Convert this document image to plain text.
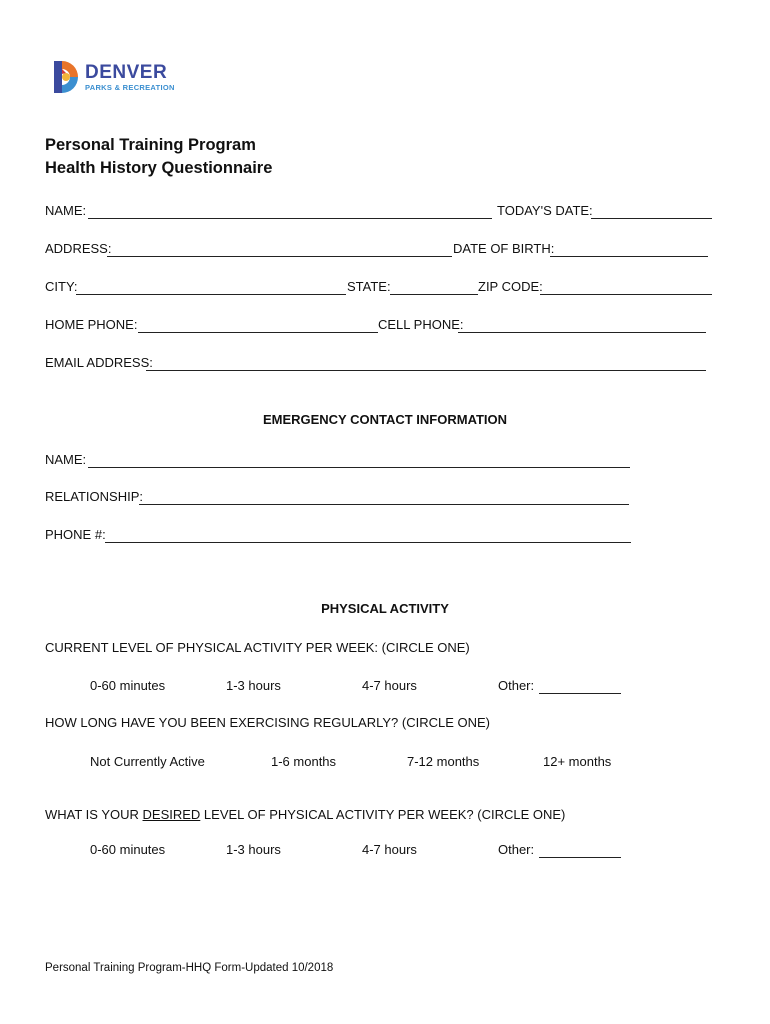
DENVER
PARKS & RECREATION
Personal Training Program
Health History Questionnaire
NAME:	TODAY'S DATE:
ADDRESS:	DATE OF BIRTH:
CITY:	STATE:	ZIP CODE:
HOME PHONE:	CELL PHONE:
EMAIL ADDRESS:
EMERGENCY CONTACT INFORMATION
NAME:
RELATIONSHIP:
PHONE #:
PHYSICAL ACTIVITY
CURRENT LEVEL OF PHYSICAL ACTIVITY PER WEEK: (CIRCLE ONE)
0-60 minutes	1-3 hours	4-7 hours	Other:
HOW LONG HAVE YOU BEEN EXERCISING REGULARLY? (CIRCLE ONE)
Not Currently Active	1-6 months	7-12 months	12+ months
WHAT IS YOUR DESIRED LEVEL OF PHYSICAL ACTIVITY PER WEEK? (CIRCLE ONE)
0-60 minutes	1-3 hours	4-7 hours	Other:
Personal Training Program-HHQ Form-Updated 10/2018
